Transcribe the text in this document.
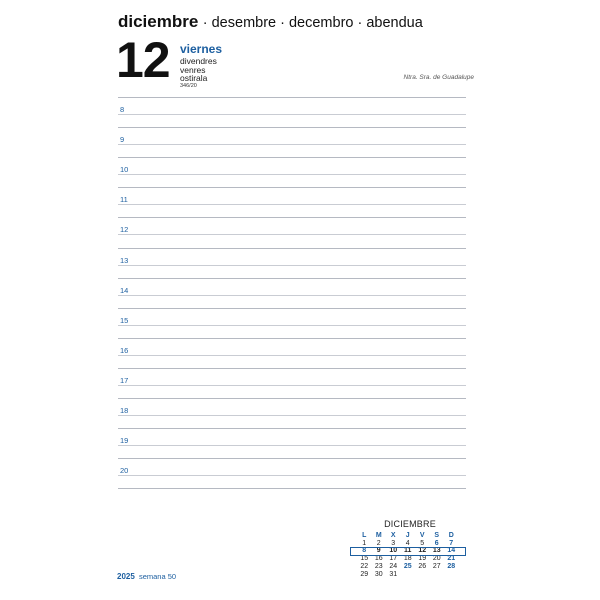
diciembre · desembre · decembro · abendua
12 viernes
divendres
venres
ostirala
346/20
Ntra. Sra. de Guadalupe
8
9
10
11
12
13
14
15
16
17
18
19
20
DICIEMBRE
L	M	X	J	V	S	D
1	2	3	4	5	6	7
8	9	10 11 12 13 14
15 16 17 18 19 20 21
22 23 24 25 26 27 28
29 30 31
2025 semana 50
